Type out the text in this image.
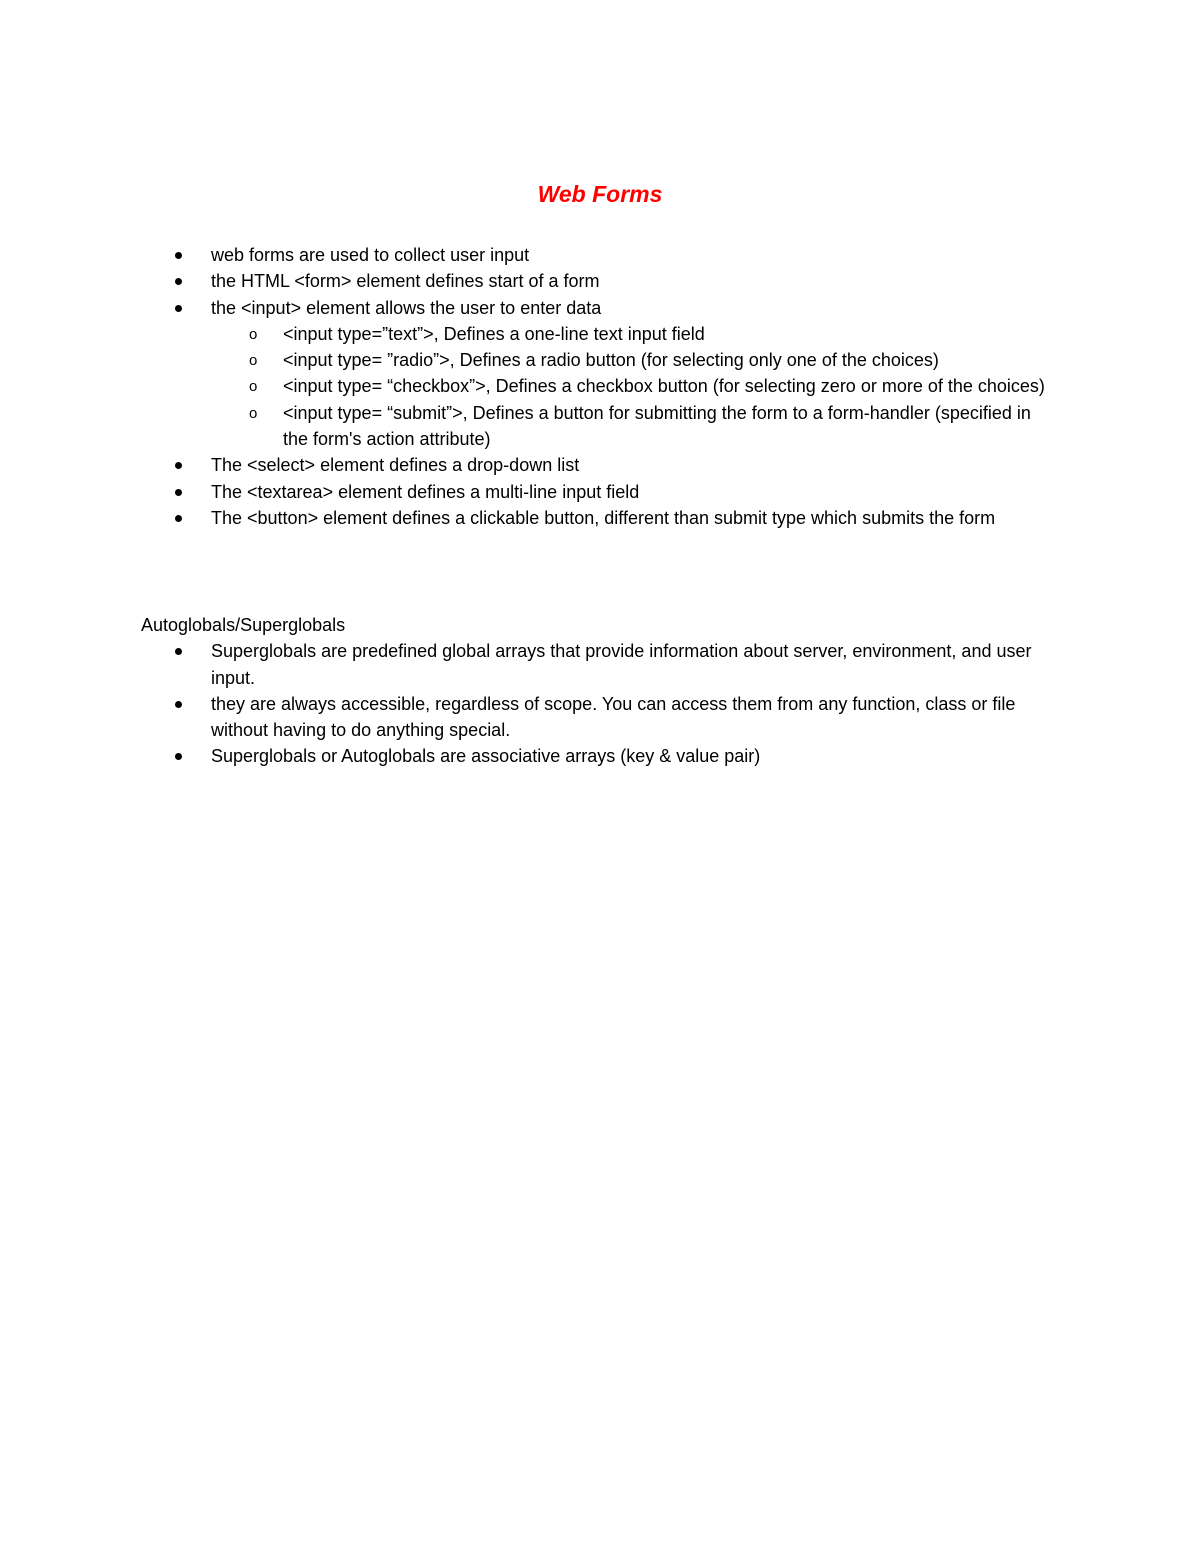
Web Forms
web forms are used to collect user input
the HTML <form> element defines start of a form
the <input> element allows the user to enter data
o <input type=”text”>, Defines a one-line text input field
o <input type= ”radio”>, Defines a radio button (for selecting only one of the choices)
o <input type= “checkbox”>, Defines a checkbox button (for selecting zero or more of the choices)
o <input type= “submit”>, Defines a button for submitting the form to a form-handler (specified in the form's action attribute)
The <select> element defines a drop-down list
The <textarea> element defines a multi-line input field
The <button> element defines a clickable button, different than submit type which submits the form
Autoglobals/Superglobals
Superglobals are predefined global arrays that provide information about server, environment, and user input.
they are always accessible, regardless of scope. You can access them from any function, class or file without having to do anything special.
Superglobals or Autoglobals are associative arrays (key & value pair)
